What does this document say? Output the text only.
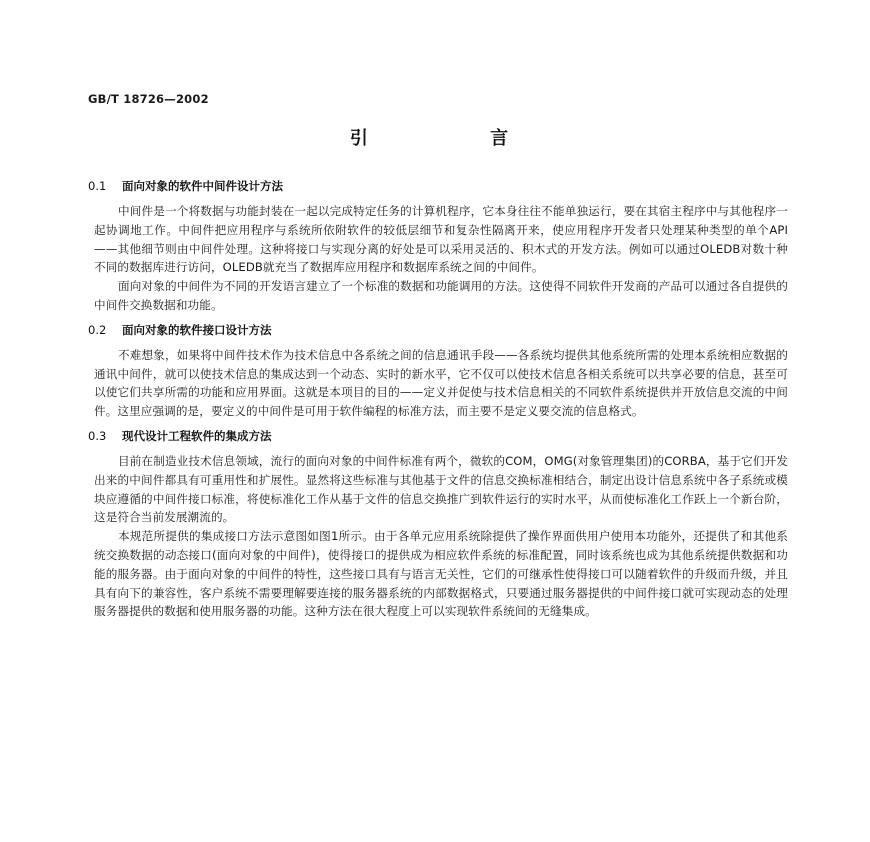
GB/T 18726—2002
引 言
0.1	面向对象的软件中间件设计方法

中间件是一个将数据与功能封装在一起以完成特定任务的计算机程序，它本身往往不能单独运行，要在其宿主程序中与其他程序一起协调地工作。中间件把应用程序与系统所依附软件的较低层细节和复杂性隔离开来，使应用程序开发者只处理某种类型的单个API——其他细节则由中间件处理。这种将接口与实现分离的好处是可以采用灵活的、积木式的开发方法。例如可以通过OLEDB对数十种不同的数据库进行访问，OLEDB就充当了数据库应用程序和数据库系统之间的中间件。

面向对象的中间件为不同的开发语言建立了一个标准的数据和功能调用的方法。这使得不同软件开发商的产品可以通过各自提供的中间件交换数据和功能。

0.2	面向对象的软件接口设计方法

不难想象，如果将中间件技术作为技术信息中各系统之间的信息通讯手段——各系统均提供其他系统所需的处理本系统相应数据的通讯中间件，就可以使技术信息的集成达到一个动态、实时的新水平，它不仅可以使技术信息各相关系统可以共享必要的信息，甚至可以使它们共享所需的功能和应用界面。这就是本项目的目的——定义并促使与技术信息相关的不同软件系统提供并开放信息交流的中间件。这里应强调的是，要定义的中间件是可用于软件编程的标准方法，而主要不是定义要交流的信息格式。

0.3	现代设计工程软件的集成方法

目前在制造业技术信息领域，流行的面向对象的中间件标准有两个，微软的COM，OMG(对象管理集团)的CORBA，基于它们开发出来的中间件都具有可重用性和扩展性。显然将这些标准与其他基于文件的信息交换标准相结合，制定出设计信息系统中各子系统或模块应遵循的中间件接口标准，将使标准化工作从基于文件的信息交换推广到软件运行的实时水平，从而使标准化工作跃上一个新台阶，这是符合当前发展潮流的。

本规范所提供的集成接口方法示意图如图1所示。由于各单元应用系统除提供了操作界面供用户使用本功能外，还提供了和其他系统交换数据的动态接口(面向对象的中间件)，使得接口的提供成为相应软件系统的标准配置，同时该系统也成为其他系统提供数据和功能的服务器。由于面向对象的中间件的特性，这些接口具有与语言无关性，它们的可继承性使得接口可以随着软件的升级而升级，并且具有向下的兼容性，客户系统不需要理解要连接的服务器系统的内部数据格式，只要通过服务器提供的中间件接口就可实现动态的处理服务器提供的数据和使用服务器的功能。这种方法在很大程度上可以实现软件系统间的无缝集成。
